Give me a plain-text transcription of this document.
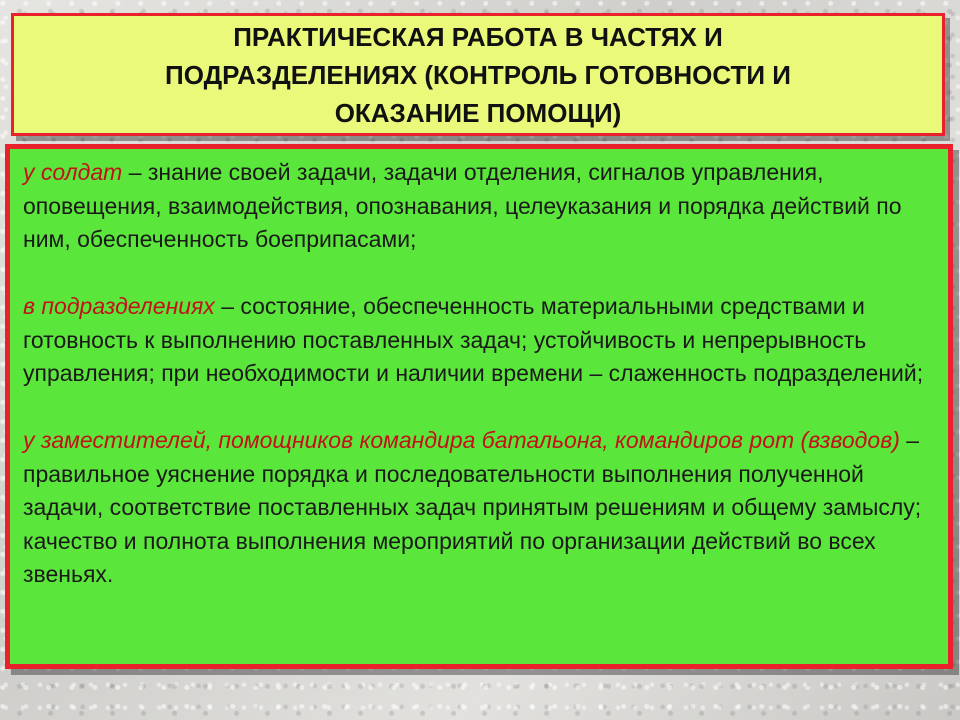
ПРАКТИЧЕСКАЯ РАБОТА В ЧАСТЯХ И ПОДРАЗДЕЛЕНИЯХ (КОНТРОЛЬ ГОТОВНОСТИ И ОКАЗАНИЕ ПОМОЩИ)

у солдат – знание своей задачи, задачи отделения, сигналов управления, оповещения, взаимодействия, опознавания, целеуказания и порядка действий по ним, обеспеченность боеприпасами;

в подразделениях – состояние, обеспеченность материальными средствами и готовность к выполнению поставленных задач; устойчивость и непрерывность управления; при необходимости и наличии времени – слаженность подразделений;

у заместителей, помощников командира батальона, командиров рот (взводов) – правильное уяснение порядка и последовательности выполнения полученной задачи, соответствие поставленных задач принятым решениям и общему замыслу; качество и полнота выполнения мероприятий по организации действий во всех звеньях.
